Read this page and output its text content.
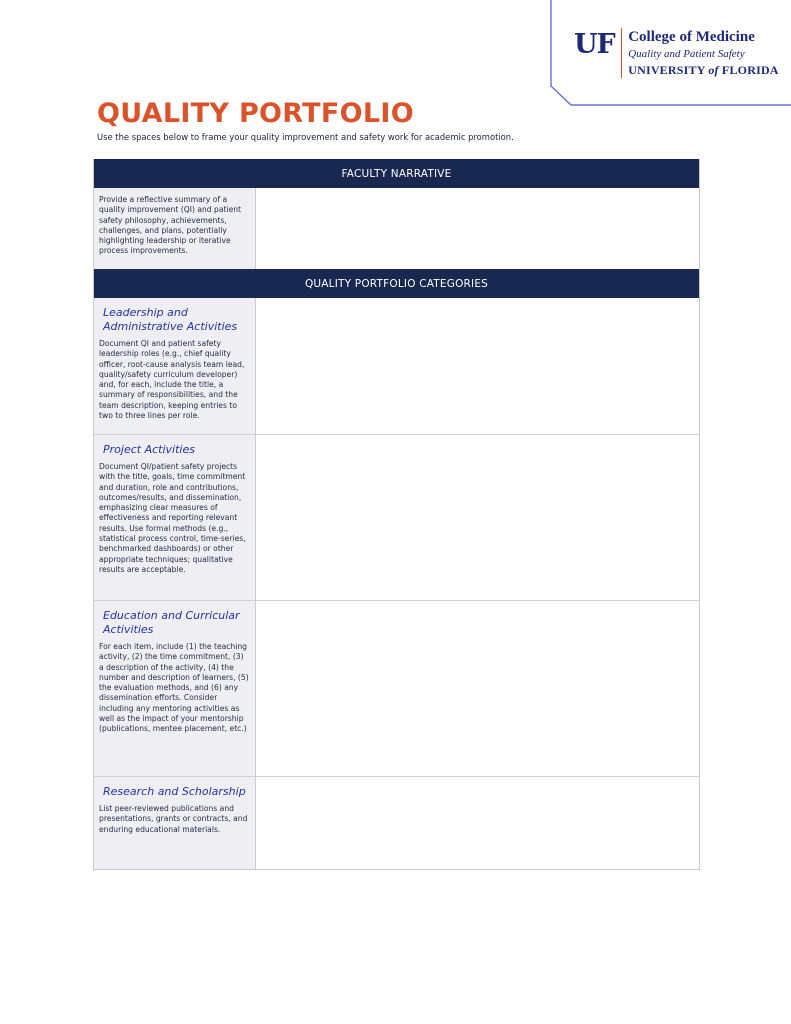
UF College of Medicine
Quality and Patient Safety
UNIVERSITY of FLORIDA
QUALITY PORTFOLIO
Use the spaces below to frame your quality improvement and safety work for academic promotion.
FACULTY NARRATIVE
Provide a reflective summary of a quality improvement (QI) and patient safety philosophy, achievements, challenges, and plans, potentially highlighting leadership or iterative process improvements.
QUALITY PORTFOLIO CATEGORIES
Leadership and Administrative Activities
Document QI and patient safety leadership roles (e.g., chief quality officer, root-cause analysis team lead, quality/safety curriculum developer) and, for each, include the title, a summary of responsibilities, and the team description, keeping entries to two to three lines per role.
Project Activities
Document QI/patient safety projects with the title, goals, time commitment and duration, role and contributions, outcomes/results, and dissemination, emphasizing clear measures of effectiveness and reporting relevant results. Use formal methods (e.g., statistical process control, time-series, benchmarked dashboards) or other appropriate techniques; qualitative results are acceptable.
Education and Curricular Activities
For each item, include (1) the teaching activity, (2) the time commitment, (3) a description of the activity, (4) the number and description of learners, (5) the evaluation methods, and (6) any dissemination efforts. Consider including any mentoring activities as well as the impact of your mentorship (publications, mentee placement, etc.)
Research and Scholarship
List peer-reviewed publications and presentations, grants or contracts, and enduring educational materials.
